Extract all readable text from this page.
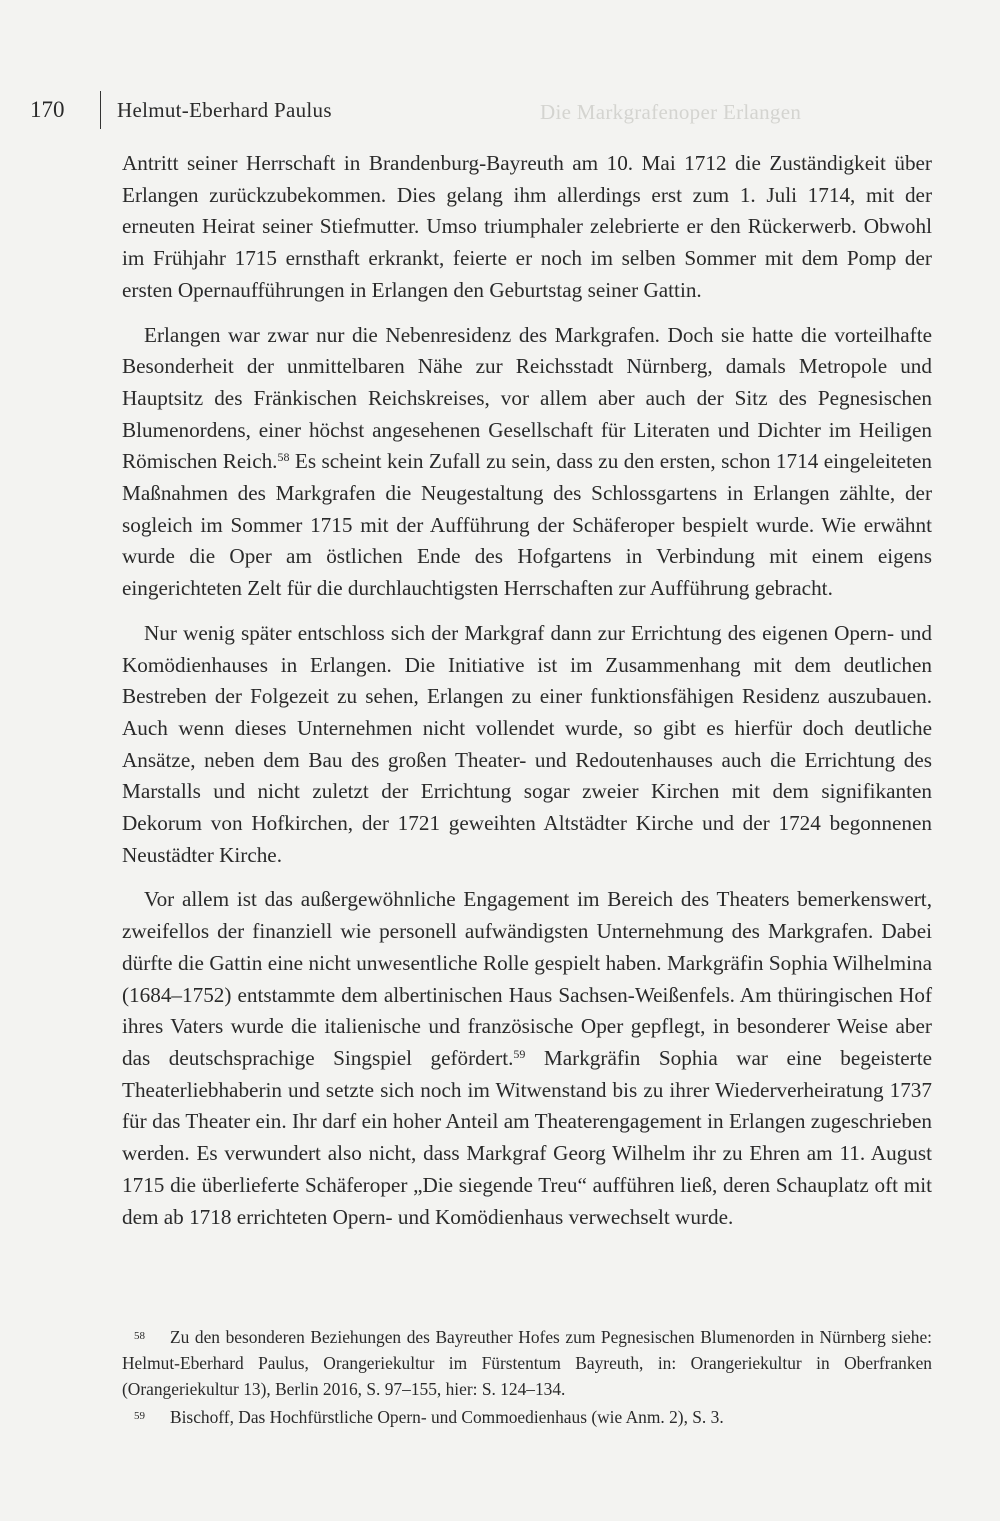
Die Markgrafenoper Erlangen
170	Helmut-Eberhard Paulus

Antritt seiner Herrschaft in Brandenburg-Bayreuth am 10. Mai 1712 die Zuständigkeit über Erlangen zurückzubekommen. Dies gelang ihm allerdings erst zum 1. Juli 1714, mit der erneuten Heirat seiner Stiefmutter. Umso triumphaler zelebrierte er den Rückerwerb. Obwohl im Frühjahr 1715 ernsthaft erkrankt, feierte er noch im selben Sommer mit dem Pomp der ersten Opernaufführungen in Erlangen den Geburtstag seiner Gattin.

Erlangen war zwar nur die Nebenresidenz des Markgrafen. Doch sie hatte die vorteilhafte Besonderheit der unmittelbaren Nähe zur Reichsstadt Nürnberg, damals Metropole und Hauptsitz des Fränkischen Reichskreises, vor allem aber auch der Sitz des Pegnesischen Blumenordens, einer höchst angesehenen Gesellschaft für Literaten und Dichter im Heiligen Römischen Reich.$^{58}$ Es scheint kein Zufall zu sein, dass zu den ersten, schon 1714 eingeleiteten Maßnahmen des Markgrafen die Neugestaltung des Schlossgartens in Erlangen zählte, der sogleich im Sommer 1715 mit der Aufführung der Schäferoper bespielt wurde. Wie erwähnt wurde die Oper am östlichen Ende des Hofgartens in Verbindung mit einem eigens eingerichteten Zelt für die durchlauchtigsten Herrschaften zur Aufführung gebracht.

Nur wenig später entschloss sich der Markgraf dann zur Errichtung des eigenen Opern- und Komödienhauses in Erlangen. Die Initiative ist im Zusammenhang mit dem deutlichen Bestreben der Folgezeit zu sehen, Erlangen zu einer funktionsfähigen Residenz auszubauen. Auch wenn dieses Unternehmen nicht vollendet wurde, so gibt es hierfür doch deutliche Ansätze, neben dem Bau des großen Theater- und Redoutenhauses auch die Errichtung des Marstalls und nicht zuletzt der Errichtung sogar zweier Kirchen mit dem signifikanten Dekorum von Hofkirchen, der 1721 geweihten Altstädter Kirche und der 1724 begonnenen Neustädter Kirche.

Vor allem ist das außergewöhnliche Engagement im Bereich des Theaters bemerkenswert, zweifellos der finanziell wie personell aufwändigsten Unternehmung des Markgrafen. Dabei dürfte die Gattin eine nicht unwesentliche Rolle gespielt haben. Markgräfin Sophia Wilhelmina (1684–1752) entstammte dem albertinischen Haus Sachsen-Weißenfels. Am thüringischen Hof ihres Vaters wurde die italienische und französische Oper gepflegt, in besonderer Weise aber das deutschsprachige Singspiel gefördert.$^{59}$ Markgräfin Sophia war eine begeisterte Theaterliebhaberin und setzte sich noch im Witwenstand bis zu ihrer Wiederverheiratung 1737 für das Theater ein. Ihr darf ein hoher Anteil am Theaterengagement in Erlangen zugeschrieben werden. Es verwundert also nicht, dass Markgraf Georg Wilhelm ihr zu Ehren am 11. August 1715 die überlieferte Schäferoper „Die siegende Treu“ aufführen ließ, deren Schauplatz oft mit dem ab 1718 errichteten Opern- und Komödienhaus verwechselt wurde.

58 Zu den besonderen Beziehungen des Bayreuther Hofes zum Pegnesischen Blumenorden in Nürnberg siehe: Helmut-Eberhard Paulus, Orangeriekultur im Fürstentum Bayreuth, in: Orangeriekultur in Oberfranken (Orangeriekultur 13), Berlin 2016, S. 97–155, hier: S. 124–134.

59 Bischoff, Das Hochfürstliche Opern- und Commoedienhaus (wie Anm. 2), S. 3.
